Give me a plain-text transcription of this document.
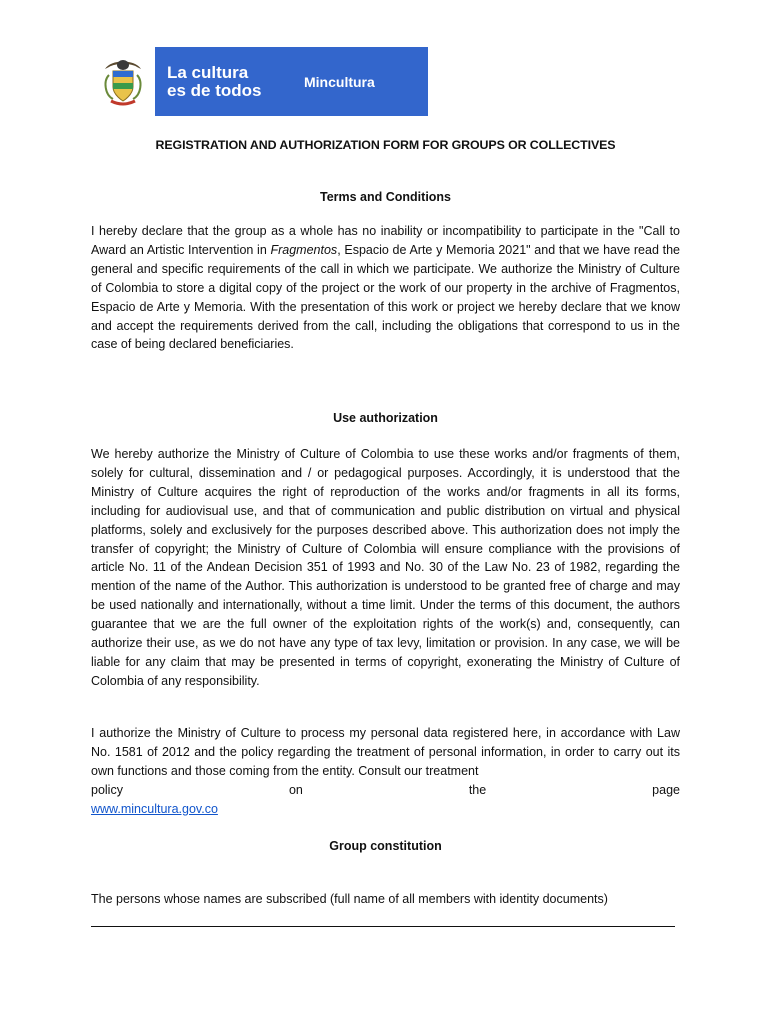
La cultura
es de todos	Mincultura
REGISTRATION AND AUTHORIZATION FORM FOR GROUPS OR COLLECTIVES
Terms and Conditions

I hereby declare that the group as a whole has no inability or incompatibility to participate in the "Call to Award an Artistic Intervention in Fragmentos, Espacio de Arte y Memoria 2021" and that we have read the general and specific requirements of the call in which we participate. We authorize the Ministry of Culture of Colombia to store a digital copy of the project or the work of our property in the archive of Fragmentos, Espacio de Arte y Memoria. With the presentation of this work or project we hereby declare that we know and accept the requirements derived from the call, including the obligations that correspond to us in the case of being declared beneficiaries.

Use authorization

We hereby authorize the Ministry of Culture of Colombia to use these works and/or fragments of them, solely for cultural, dissemination and / or pedagogical purposes. Accordingly, it is understood that the Ministry of Culture acquires the right of reproduction of the works and/or fragments in all its forms, including for audiovisual use, and that of communication and public distribution on virtual and physical platforms, solely and exclusively for the purposes described above. This authorization does not imply the transfer of copyright; the Ministry of Culture of Colombia will ensure compliance with the provisions of article No. 11 of the Andean Decision 351 of 1993 and No. 30 of the Law No. 23 of 1982, regarding the mention of the name of the Author. This authorization is understood to be granted free of charge and may be used nationally and internationally, without a time limit. Under the terms of this document, the authors guarantee that we are the full owner of the exploitation rights of the work(s) and, consequently, can authorize their use, as we do not have any type of tax levy, limitation or provision. In any case, we will be liable for any claim that may be presented in terms of copyright, exonerating the Ministry of Culture of Colombia of any responsibility.

I authorize the Ministry of Culture to process my personal data registered here, in accordance with Law No. 1581 of 2012 and the policy regarding the treatment of personal information, in order to carry out its own functions and those coming from the entity. Consult our treatment
policy	on	the	page
www.mincultura.gov.co
Group constitution

The persons whose names are subscribed (full name of all members with identity documents)
